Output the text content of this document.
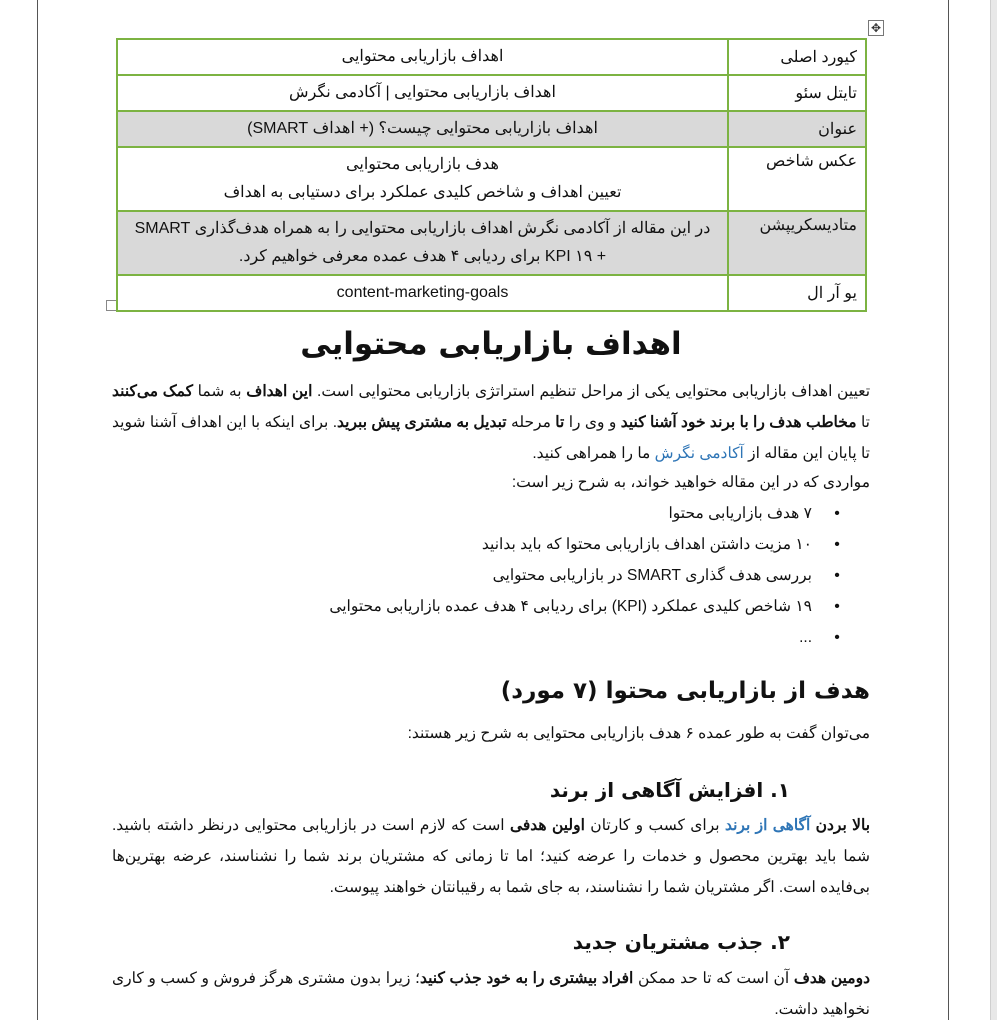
✥
کیورد اصلی	اهداف بازاریابی محتوایی

تایتل سئو	اهداف بازاریابی محتوایی | آکادمی نگرش

عنوان	اهداف بازاریابی محتوایی چیست؟ (+ اهداف SMART)

عکس شاخص	هدف بازاریابی محتوایی
تعیین اهداف و شاخص کلیدی عملکرد برای دستیابی به اهداف

متادیسکریپشن	در این مقاله از آکادمی نگرش اهداف بازاریابی محتوایی را به همراه هدف‌گذاری SMART
+ ۱۹ KPI برای ردیابی ۴ هدف عمده معرفی خواهیم کرد.

یو آر ال	content-marketing-goals
اهداف بازاریابی محتوایی
تعیین اهداف بازاریابی محتوایی یکی از مراحل تنظیم استراتژی بازاریابی محتوایی است. این اهداف به شما کمک می‌کنند تا مخاطب هدف را با برند خود آشنا کنید و وی را تا مرحله تبدیل به مشتری پیش ببرید. برای اینکه با این اهداف آشنا شوید تا پایان این مقاله از آکادمی نگرش ما را همراهی کنید.
مواردی که در این مقاله خواهید خواند، به شرح زیر است:
•
۷ هدف بازاریابی محتوا
•
۱۰ مزیت داشتن اهداف بازاریابی محتوا که باید بدانید
•
بررسی هدف گذاری SMART در بازاریابی محتوایی
•
۱۹ شاخص کلیدی عملکرد (KPI) برای ردیابی ۴ هدف عمده بازاریابی محتوایی
•
...
هدف از بازاریابی محتوا (۷ مورد)
می‌توان گفت به طور عمده ۶ هدف بازاریابی محتوایی به شرح زیر هستند:
۱. افزایش آگاهی از برند
بالا بردن آگاهی از برند برای کسب و کارتان اولین هدفی است که لازم است در بازاریابی محتوایی درنظر داشته باشید. شما باید بهترین محصول و خدمات را عرضه کنید؛ اما تا زمانی که مشتریان برند شما را نشناسند، عرضه بهترین‌ها بی‌فایده است. اگر مشتریان شما را نشناسند، به جای شما به رقیبانتان خواهند پیوست.
۲. جذب مشتریان جدید
دومین هدف آن است که تا حد ممکن افراد بیشتری را به خود جذب کنید؛ زیرا بدون مشتری هرگز فروش و کسب و کاری نخواهید داشت.
